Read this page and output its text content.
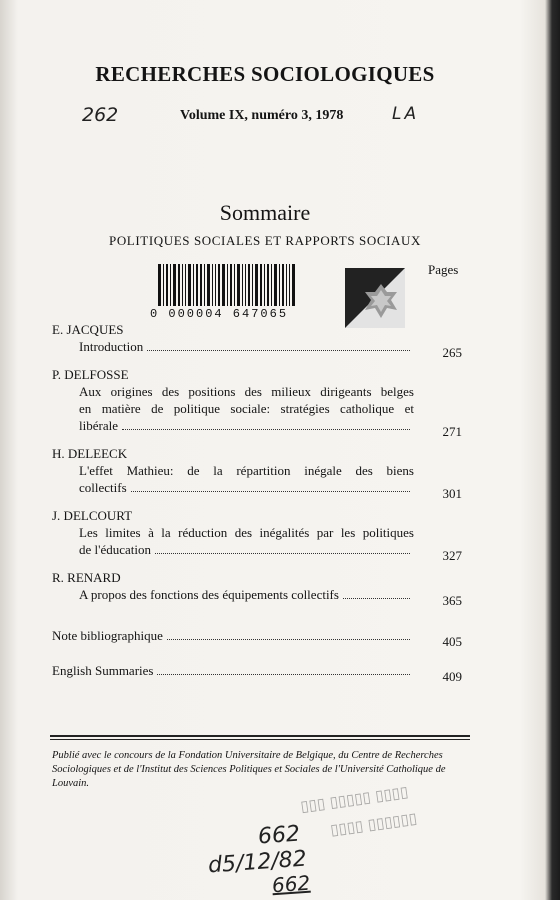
262	LA
RECHERCHES SOCIOLOGIQUES
Volume IX, numéro 3, 1978
Sommaire
POLITIQUES SOCIALES ET RAPPORTS SOCIAUX
Pages
0 000004 647065
E. JACQUES
Introduction	265
P. DELFOSSE
Aux origines des positions des milieux dirigeants belges
en matière de politique sociale: stratégies catholique et
libérale	271
H. DELEECK
L'effet Mathieu: de la répartition inégale des biens
collectifs	301
J. DELCOURT
Les limites à la réduction des inégalités par les politiques
de l'éducation	327
R. RENARD
A propos des fonctions des équipements collectifs	365
Note bibliographique	405
English Summaries	409
Publié avec le concours de la Fondation Universitaire de Belgique, du Centre de Recherches Sociologiques et de l'Institut des Sciences Politiques et Sociales de l'Université Catholique de Louvain.	▯▯▯ ▯▯▯▯▯ ▯▯▯▯
▯▯▯▯ ▯▯▯▯▯▯
662
d5/12/82
662
